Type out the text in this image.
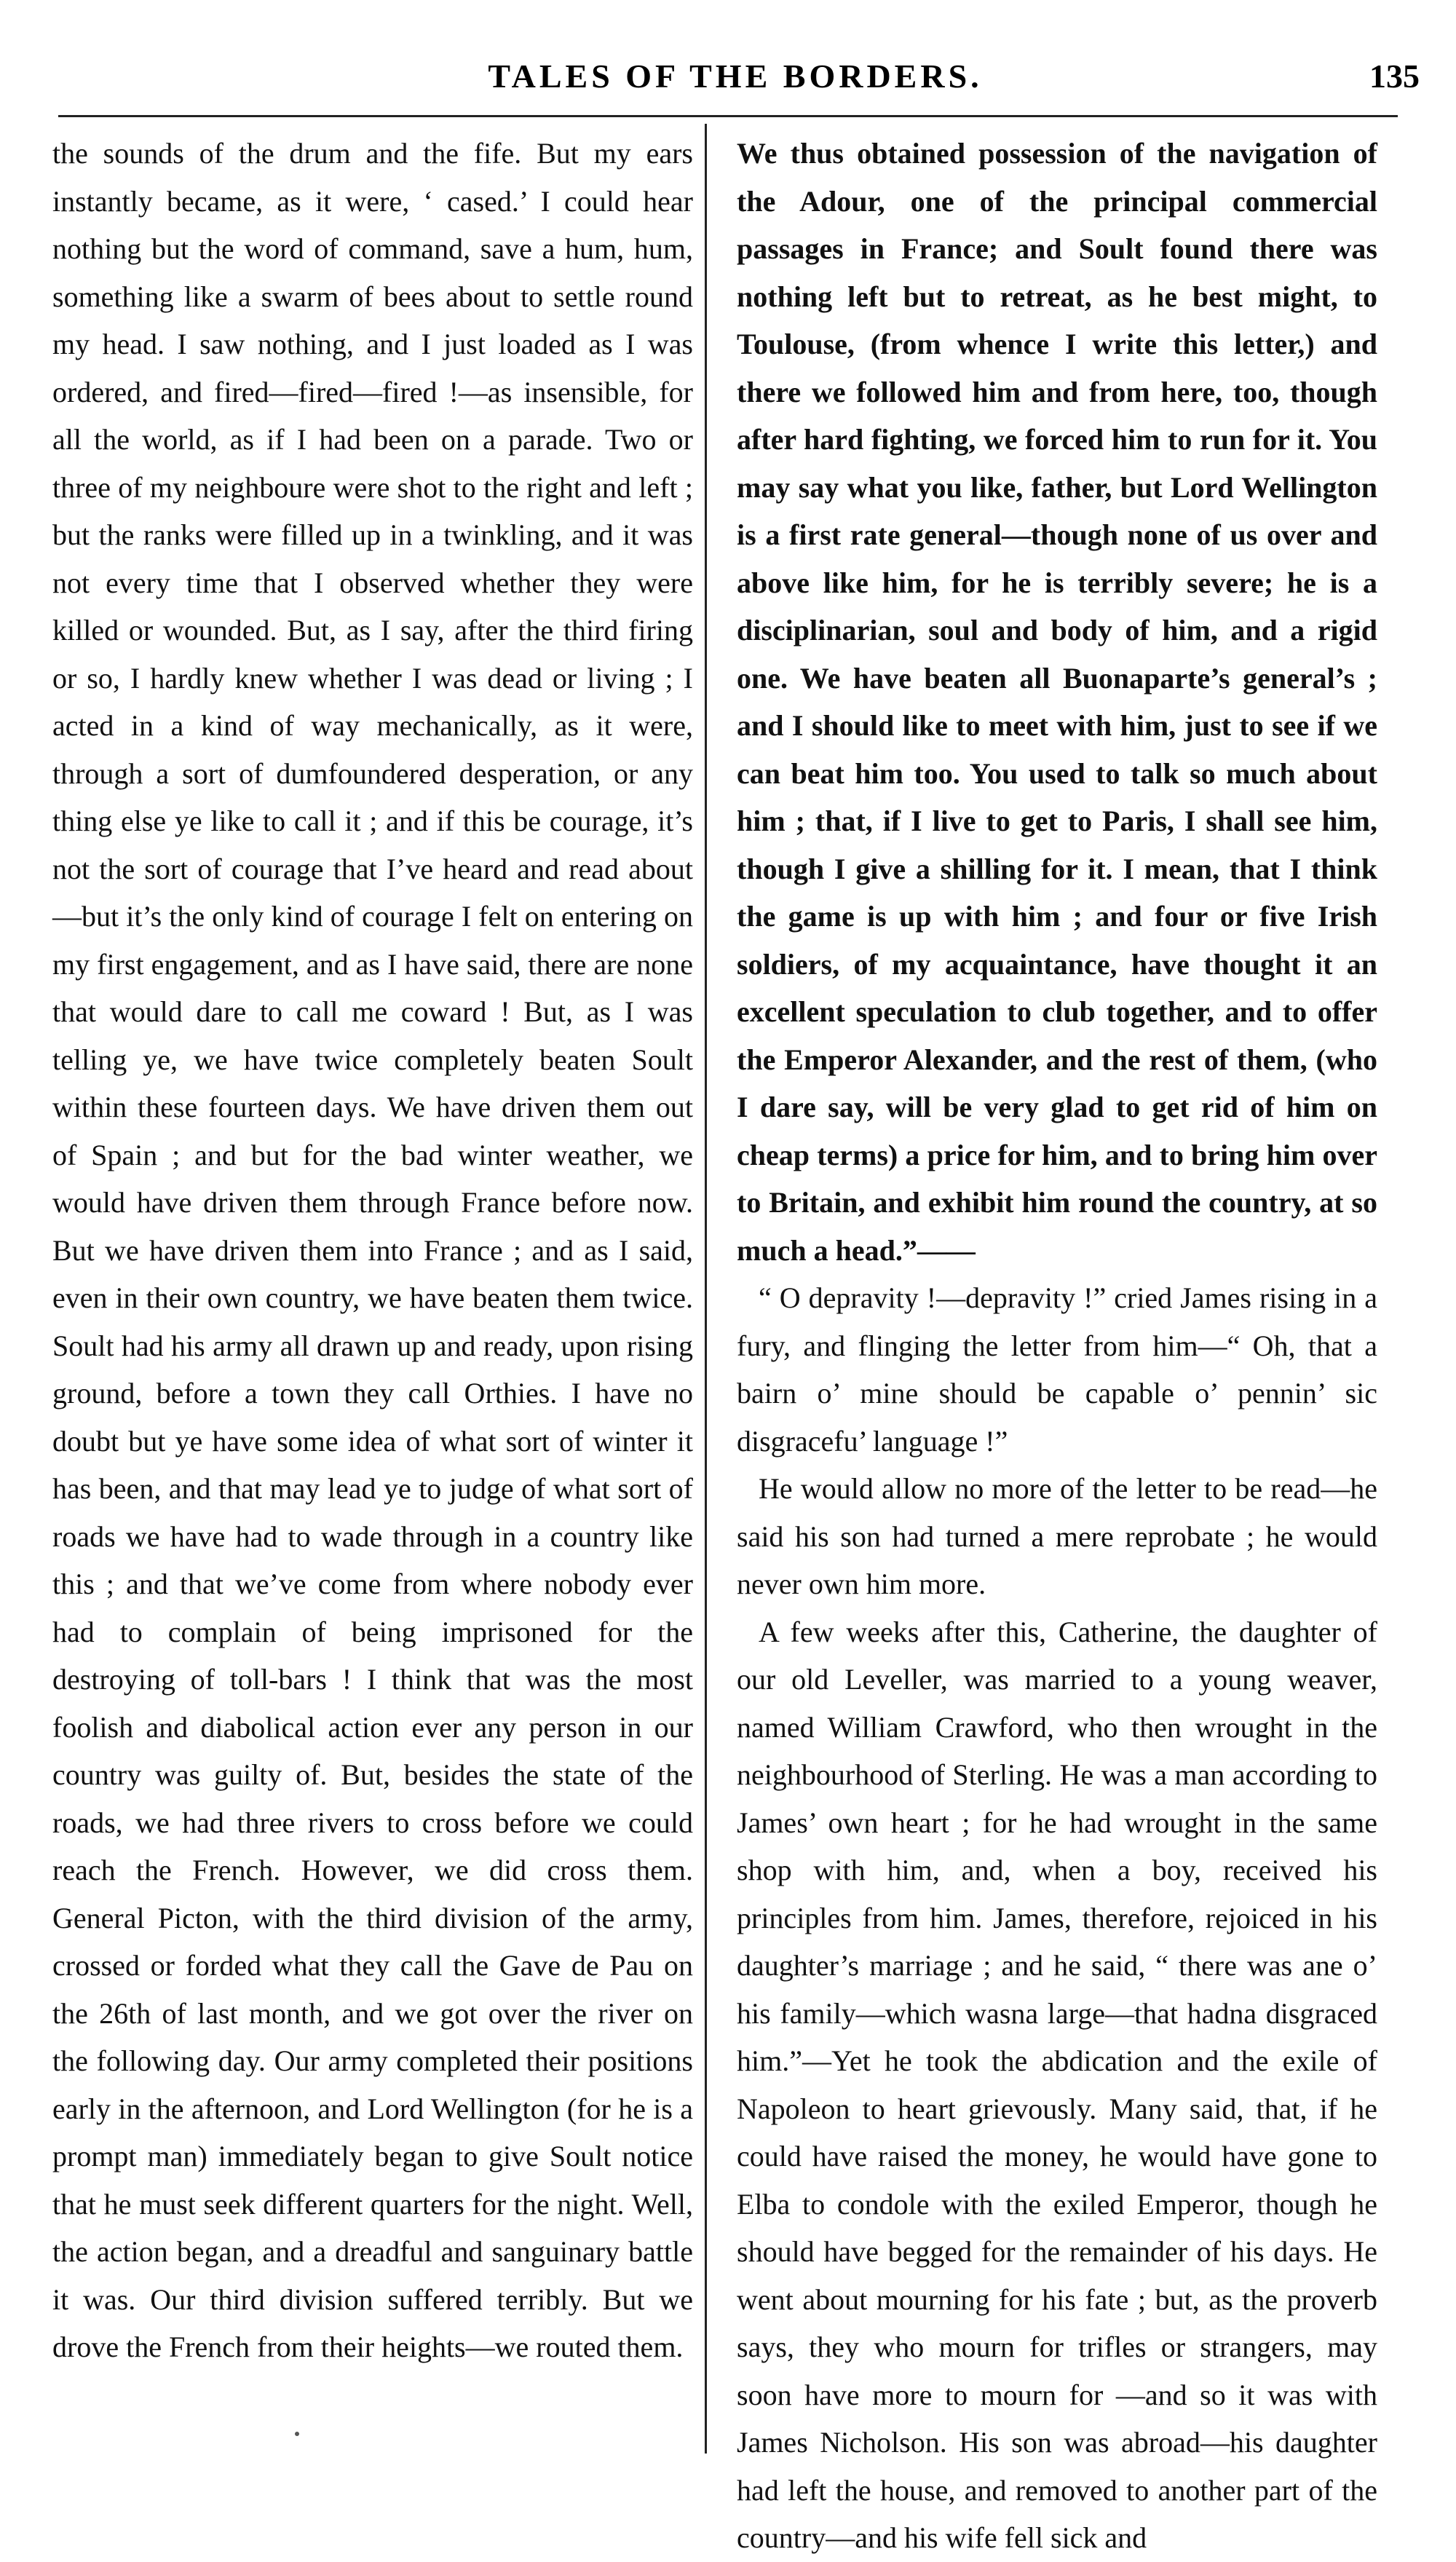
TALES OF THE BORDERS.	135

the sounds of the drum and the fife. But my ears instantly became, as it were, ‘ cased.’ I could hear nothing but the word of command, save a hum, hum, something like a swarm of bees about to settle round my head. I saw nothing, and I just loaded as I was ordered, and fired—fired—fired !—as insensible, for all the world, as if I had been on a parade. Two or three of my neighboure were shot to the right and left ; but the ranks were filled up in a twinkling, and it was not every time that I observed whether they were killed or wounded. But, as I say, after the third firing or so, I hardly knew whether I was dead or living ; I acted in a kind of way mechanically, as it were, through a sort of dumfoundered desperation, or any thing else ye like to call it ; and if this be courage, it’s not the sort of courage that I’ve heard and read about—but it’s the only kind of courage I felt on entering on my first engagement, and as I have said, there are none that would dare to call me coward ! But, as I was telling ye, we have twice completely beaten Soult within these fourteen days. We have driven them out of Spain ; and but for the bad winter weather, we would have driven them through France before now. But we have driven them into France ; and as I said, even in their own country, we have beaten them twice. Soult had his army all drawn up and ready, upon rising ground, before a town they call Orthies. I have no doubt but ye have some idea of what sort of winter it has been, and that may lead ye to judge of what sort of roads we have had to wade through in a country like this ; and that we’ve come from where nobody ever had to complain of being imprisoned for the destroying of toll-bars ! I think that was the most foolish and diabolical action ever any person in our country was guilty of. But, besides the state of the roads, we had three rivers to cross before we could reach the French. However, we did cross them. General Picton, with the third division of the army, crossed or forded what they call the Gave de Pau on the 26th of last month, and we got over the river on the following day. Our army completed their positions early in the afternoon, and Lord Wellington (for he is a prompt man) immediately began to give Soult notice that he must seek different quarters for the night. Well, the action began, and a dreadful and sanguinary battle it was. Our third division suffered terribly. But we drove the French from their heights—we routed them.

We thus obtained possession of the navigation of the Adour, one of the principal commercial passages in France; and Soult found there was nothing left but to retreat, as he best might, to Toulouse, (from whence I write this letter,) and there we followed him and from here, too, though after hard fighting, we forced him to run for it. You may say what you like, father, but Lord Wellington is a first rate general—though none of us over and above like him, for he is terribly severe; he is a disciplinarian, soul and body of him, and a rigid one. We have beaten all Buonaparte’s general’s ; and I should like to meet with him, just to see if we can beat him too. You used to talk so much about him ; that, if I live to get to Paris, I shall see him, though I give a shilling for it. I mean, that I think the game is up with him ; and four or five Irish soldiers, of my acquaintance, have thought it an excellent speculation to club together, and to offer the Emperor Alexander, and the rest of them, (who I dare say, will be very glad to get rid of him on cheap terms) a price for him, and to bring him over to Britain, and exhibit him round the country, at so much a head.”——

“ O depravity !—depravity !” cried James rising in a fury, and flinging the letter from him—“ Oh, that a bairn o’ mine should be capable o’ pennin’ sic disgracefu’ language !”

He would allow no more of the letter to be read—he said his son had turned a mere reprobate ; he would never own him more.

A few weeks after this, Catherine, the daughter of our old Leveller, was married to a young weaver, named William Crawford, who then wrought in the neighbourhood of Sterling. He was a man according to James’ own heart ; for he had wrought in the same shop with him, and, when a boy, received his principles from him. James, therefore, rejoiced in his daughter’s marriage ; and he said, “ there was ane o’ his family—which wasna large—that hadna disgraced him.”—Yet he took the abdication and the exile of Napoleon to heart grievously. Many said, that, if he could have raised the money, he would have gone to Elba to condole with the exiled Emperor, though he should have begged for the remainder of his days. He went about mourning for his fate ; but, as the proverb says, they who mourn for trifles or strangers, may soon have more to mourn for —and so it was with James Nicholson. His son was abroad—his daughter had left the house, and removed to another part of the country—and his wife fell sick and
